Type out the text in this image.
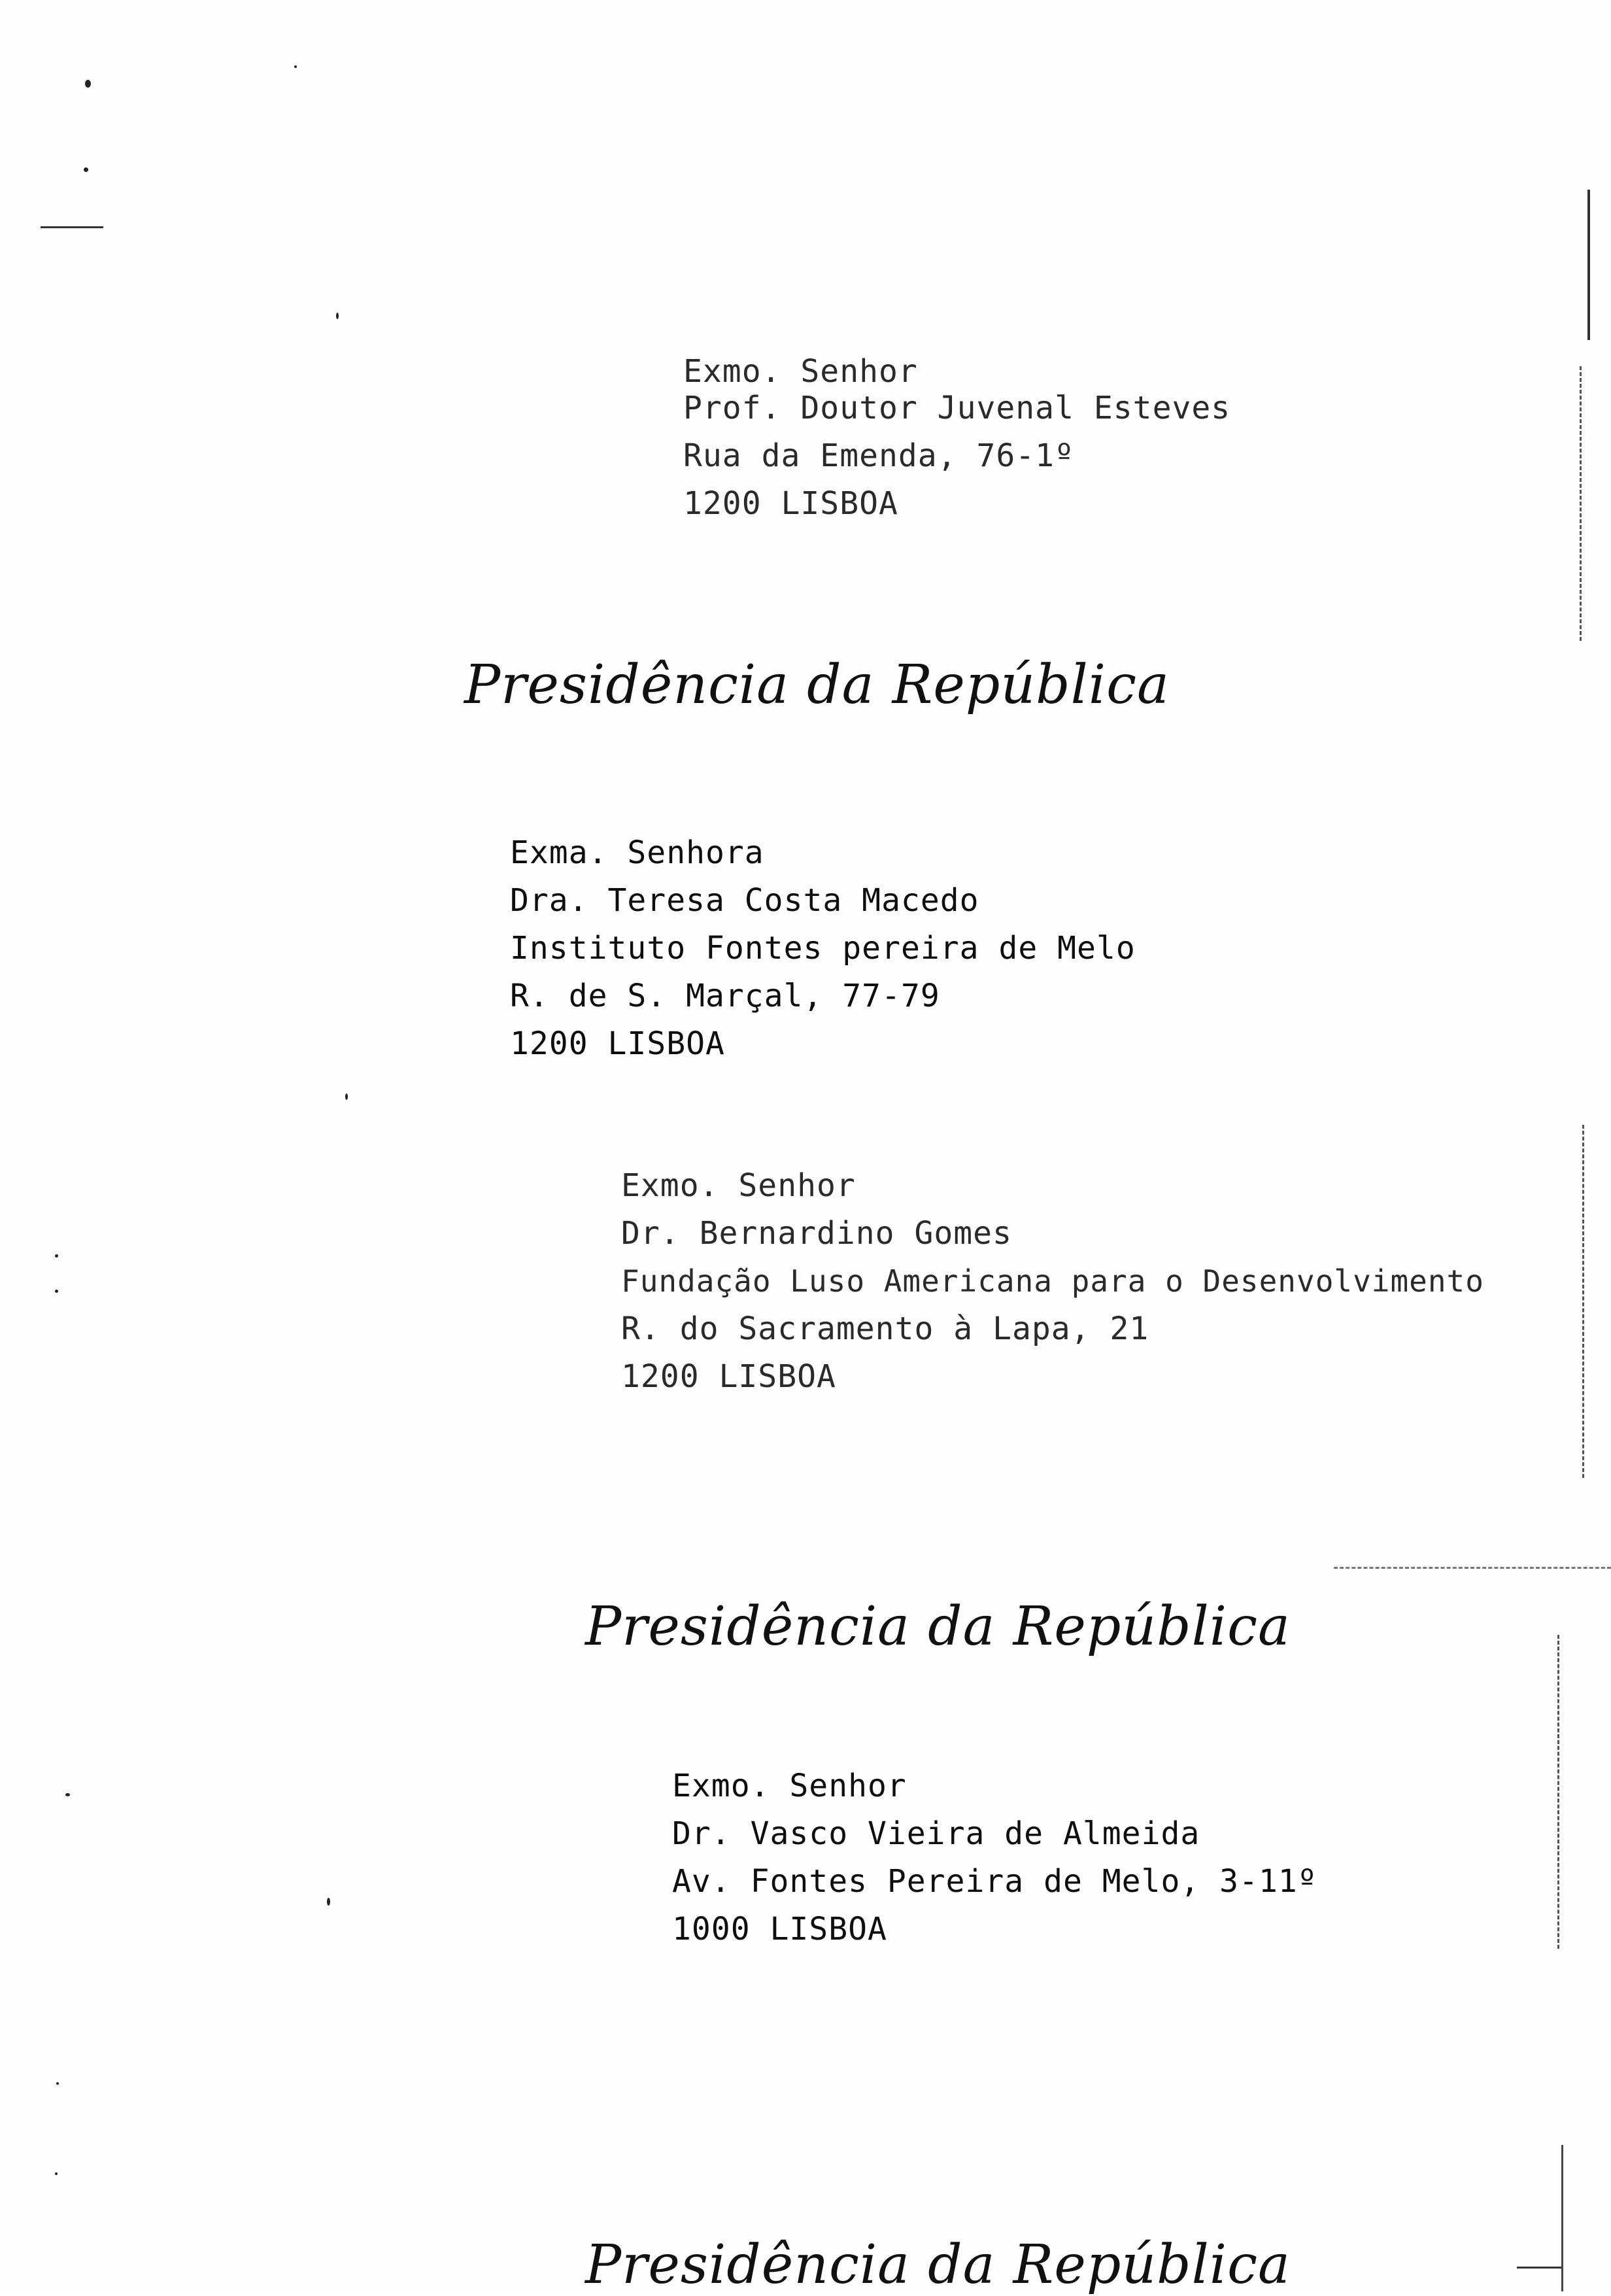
Exmo. Senhor
Prof. Doutor Juvenal Esteves
Rua da Emenda, 76-1º
1200 LISBOA
Presidência da República
Exma. Senhora
Dra. Teresa Costa Macedo
Instituto Fontes pereira de Melo
R. de S. Marçal, 77-79
1200 LISBOA
Exmo. Senhor
Dr. Bernardino Gomes
Fundação Luso Americana para o Desenvolvimento
R. do Sacramento à Lapa, 21
1200 LISBOA
Presidência da República
Exmo. Senhor
Dr. Vasco Vieira de Almeida
Av. Fontes Pereira de Melo, 3-11º
1000 LISBOA
Presidência da República
